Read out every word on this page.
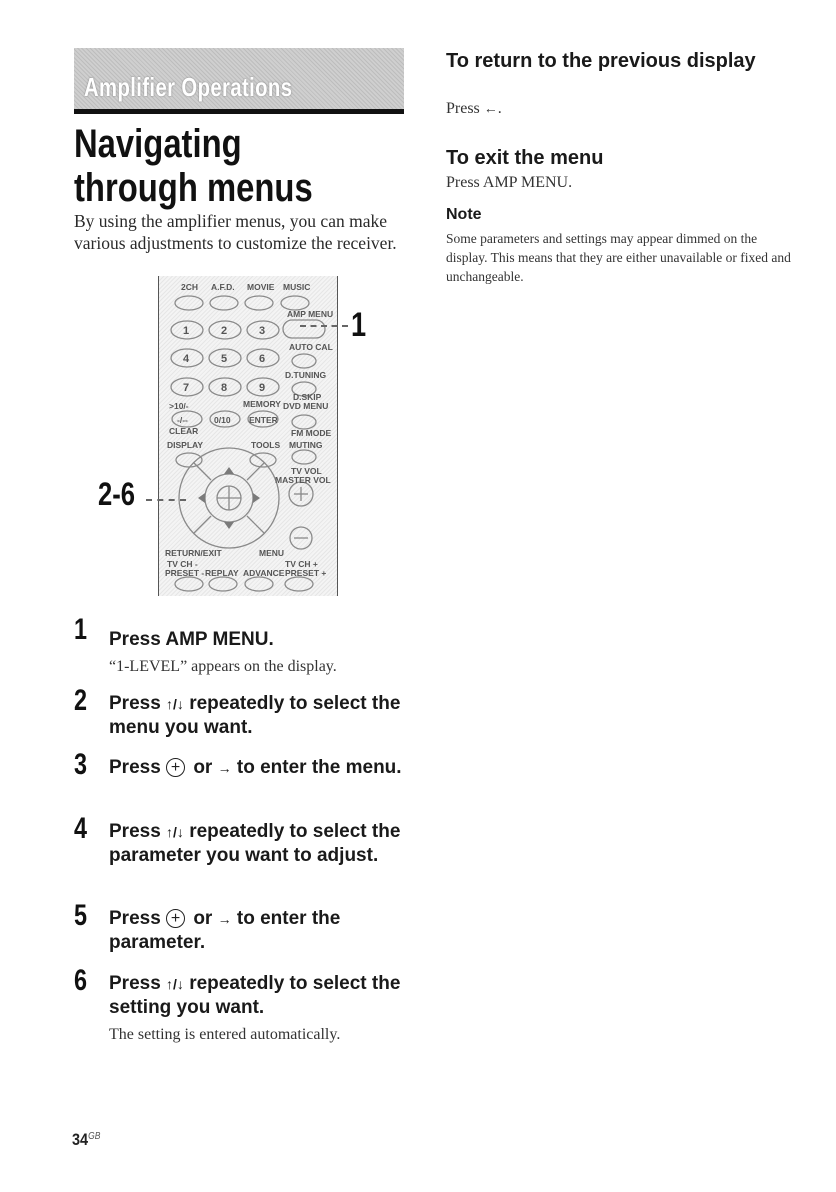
Amplifier Operations
Navigating through menus
By using the amplifier menus, you can make various adjustments to customize the receiver.
1	2	3
4	5	6
7	8	9
2CH A.F.D. MOVIE MUSIC
AMP MENU
AUTO CAL
D.TUNING
D.SKIP
>10/-	MEMORY DVD MENU
-/--	0/10 ENTER
CLEAR	FM MODE
DISPLAY	TOOLS MUTING
TV VOL
MASTER VOL
RETURN/EXIT	MENU
TV CH -	TV CH +
PRESET - REPLAY ADVANCE PRESET +
1
2-6
1 Press AMP MENU.
“1-LEVEL” appears on the display.
2 Press ↑/↓ repeatedly to select the menu you want.
3 Press + or → to enter the menu.
4 Press ↑/↓ repeatedly to select the parameter you want to adjust.
5 Press + or → to enter the parameter.
6 Press ↑/↓ repeatedly to select the setting you want.
The setting is entered automatically.
To return to the previous display
Press ←.
To exit the menu
Press AMP MENU.
Note
Some parameters and settings may appear dimmed on the display. This means that they are either unavailable or fixed and unchangeable.
$34^{GB}$
